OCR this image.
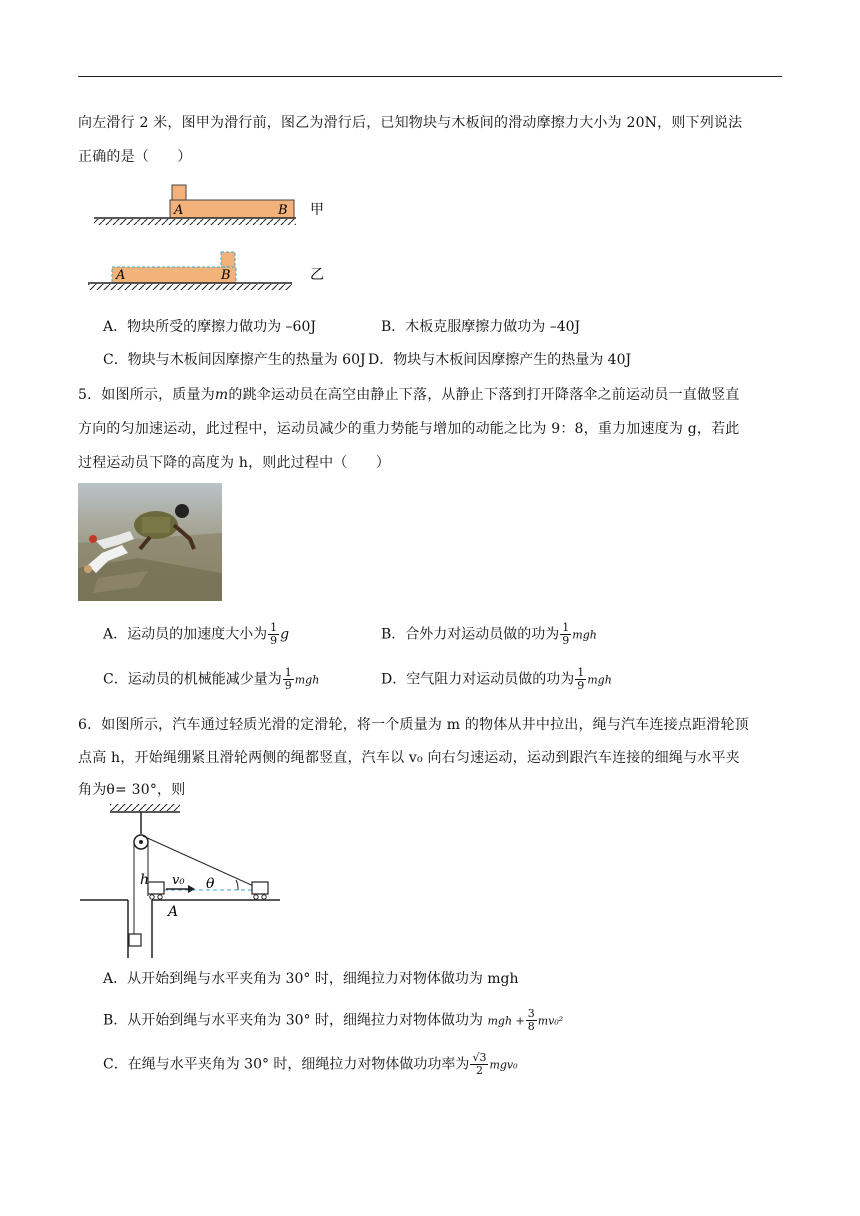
向左滑行 2 米，图甲为滑行前，图乙为滑行后，已知物块与木板间的滑动摩擦力大小为 20N，则下列说法
正确的是（　　）
A	B 甲
A	B	乙
A．物块所受的摩擦力做功为 –60J	B．木板克服摩擦力做功为 –40J
C．物块与木板间因摩擦产生的热量为 60J D．物块与木板间因摩擦产生的热量为 40J
5．如图所示，质量为m的跳伞运动员在高空由静止下落，从静止下落到打开降落伞之前运动员一直做竖直
方向的匀加速运动，此过程中，运动员减少的重力势能与增加的动能之比为 9：8，重力加速度为 g，若此
过程运动员下降的高度为 h，则此过程中（　　）
A．运动员的加速度大小为 $\frac{1}{9}$ g	B．合外力对运动员做的功为 $\frac{1}{9}$ mgh
C．运动员的机械能减少量为 $\frac{1}{9}$ mgh	D．空气阻力对运动员做的功为 $\frac{1}{9}$ mgh
6．如图所示，汽车通过轻质光滑的定滑轮，将一个质量为 m 的物体从井中拉出，绳与汽车连接点距滑轮顶
点高 h，开始绳绷紧且滑轮两侧的绳都竖直，汽车以 v₀ 向右匀速运动，运动到跟汽车连接的细绳与水平夹
角为θ= 30°，则
h v₀ θ
A
A．从开始到绳与水平夹角为 30° 时，细绳拉力对物体做功为 mgh
B．从开始到绳与水平夹角为 30° 时，细绳拉力对物体做功为 mgh + $\frac{3}{8} mv_0^2$
C．在绳与水平夹角为 30° 时，细绳拉力对物体做功功率为 $\frac{√3}{2} mgv_0$
